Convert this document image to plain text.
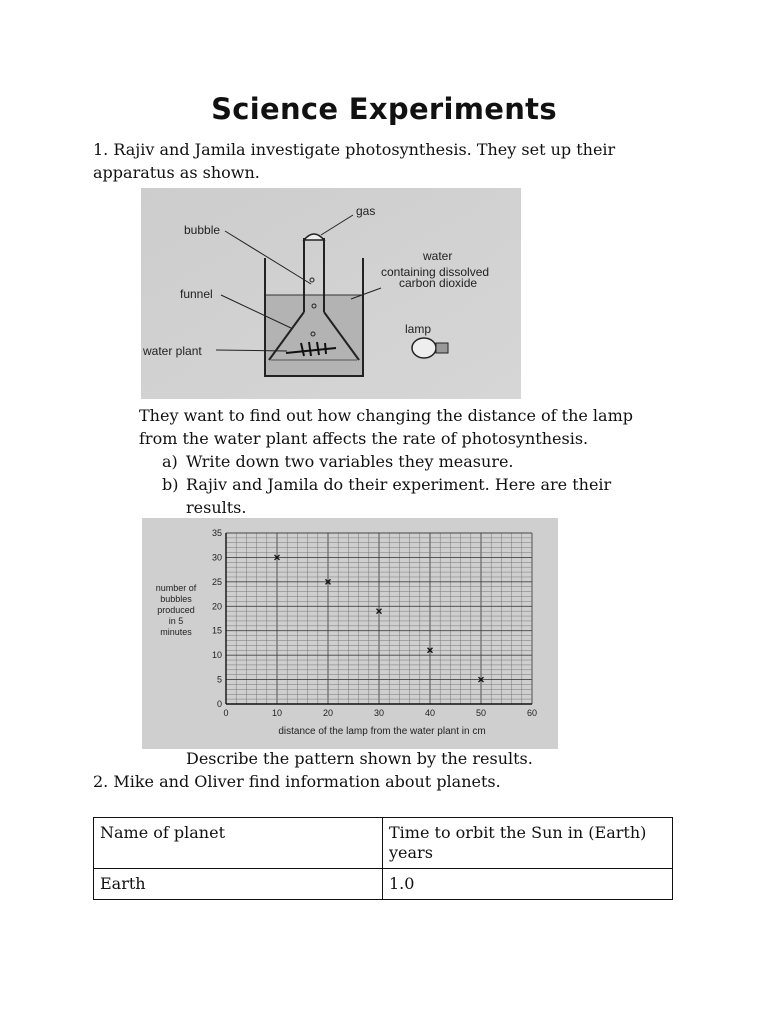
Science Experiments
1. Rajiv and Jamila investigate photosynthesis. They set up their apparatus as shown.
gas
bubble
water
containing dissolved
carbon dioxide
funnel
lamp
water plant
They want to find out how changing the distance of the lamp from the water plant affects the rate of photosynthesis.
a) Write down two variables they measure.
b) Rajiv and Jamila do their experiment. Here are their results.
0
5
10
15
20
25
30
35
0	10	20	30	40	50	60
number of
bubbles
produced
in 5
minutes
distance of the lamp from the water plant in cm
Describe the pattern shown by the results.
2. Mike and Oliver find information about planets.
Name of planet	Time to orbit the Sun in (Earth) years
Earth	1.0
